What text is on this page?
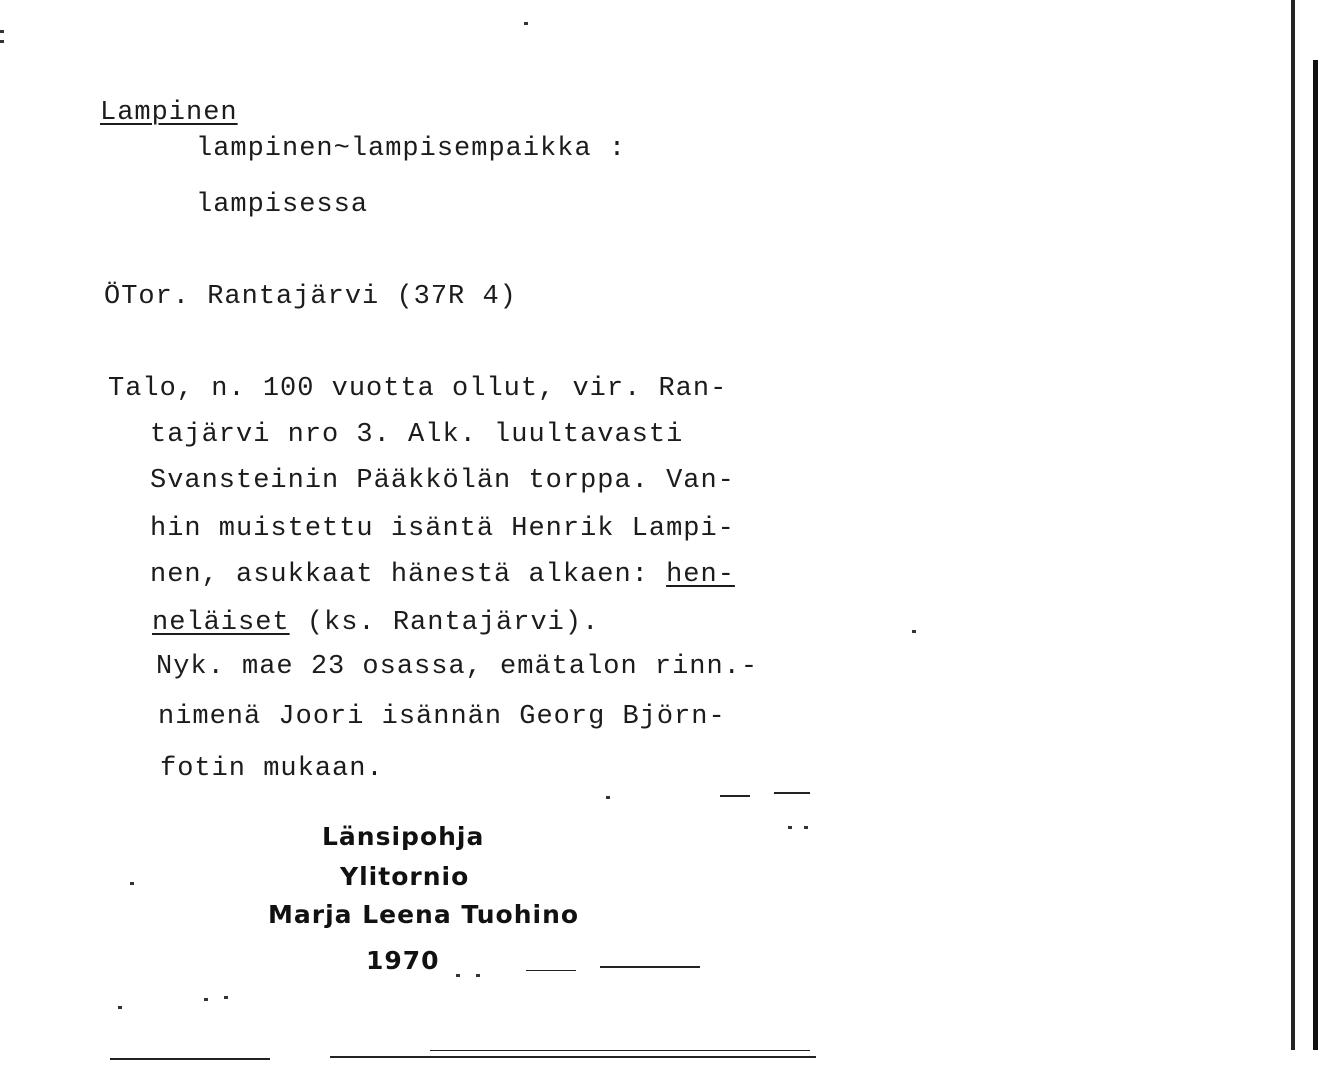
Lampinen
lampinen~lampisempaikka :
lampisessa
ÖTor. Rantajärvi (37R 4)
Talo, n. 100 vuotta ollut, vir. Ran-
tajärvi nro 3. Alk. luultavasti
Svansteinin Pääkkölän torppa. Van-
hin muistettu isäntä Henrik Lampi-
nen, asukkaat hänestä alkaen: hen-
neläiset (ks. Rantajärvi).
Nyk. mae 23 osassa, emätalon rinn.-
nimenä Joori isännän Georg Björn-
fotin mukaan.
Länsipohja
Ylitornio
Marja Leena Tuohino
1970
